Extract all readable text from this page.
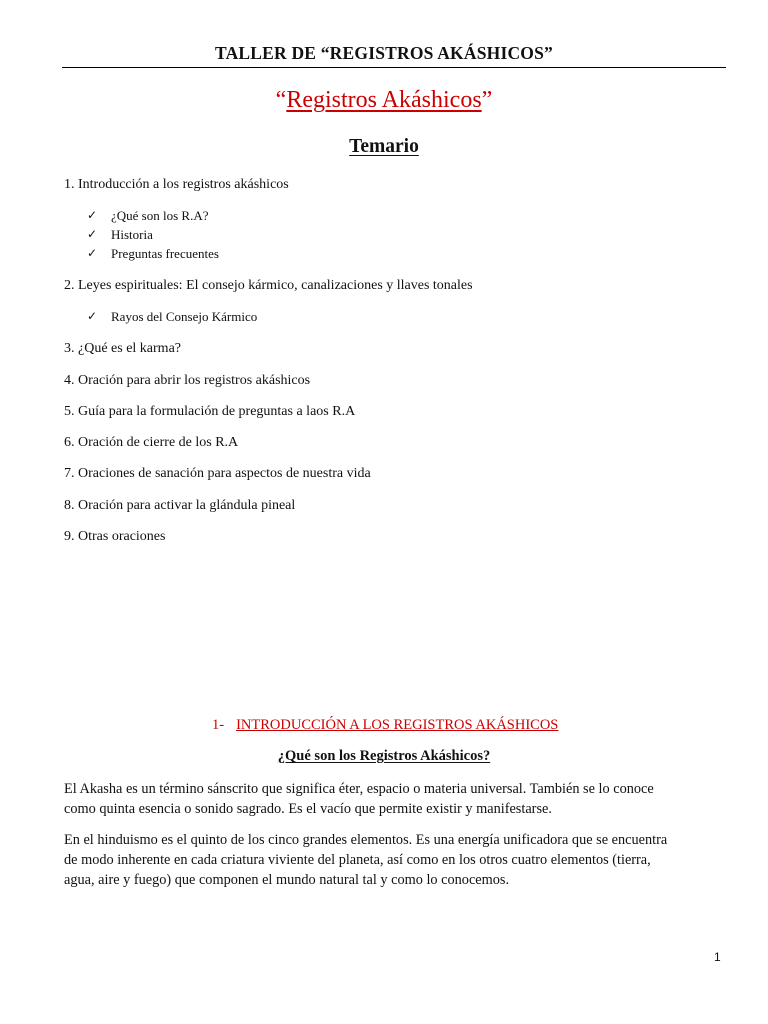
TALLER DE “REGISTROS AKÁSHICOS”
“Registros Akáshicos”
Temario
1. Introducción a los registros akáshicos
✓ ¿Qué son los R.A?
✓ Historia
✓ Preguntas frecuentes
2. Leyes espirituales: El consejo kármico, canalizaciones y llaves tonales
✓ Rayos del Consejo Kármico
3. ¿Qué es el karma?
4. Oración para abrir los registros akáshicos
5. Guía para la formulación de preguntas a laos R.A
6. Oración de cierre de los R.A
7. Oraciones de sanación para aspectos de nuestra vida
8. Oración para activar la glándula pineal
9. Otras oraciones
1- INTRODUCCIÓN A LOS REGISTROS AKÁSHICOS
¿Qué son los Registros Akáshicos?
El Akasha es un término sánscrito que significa éter, espacio o materia universal. También se lo conoce
como quinta esencia o sonido sagrado. Es el vacío que permite existir y manifestarse.
En el hinduismo es el quinto de los cinco grandes elementos. Es una energía unificadora que se encuentra
de modo inherente en cada criatura viviente del planeta, así como en los otros cuatro elementos (tierra,
agua, aire y fuego) que componen el mundo natural tal y como lo conocemos.
1
